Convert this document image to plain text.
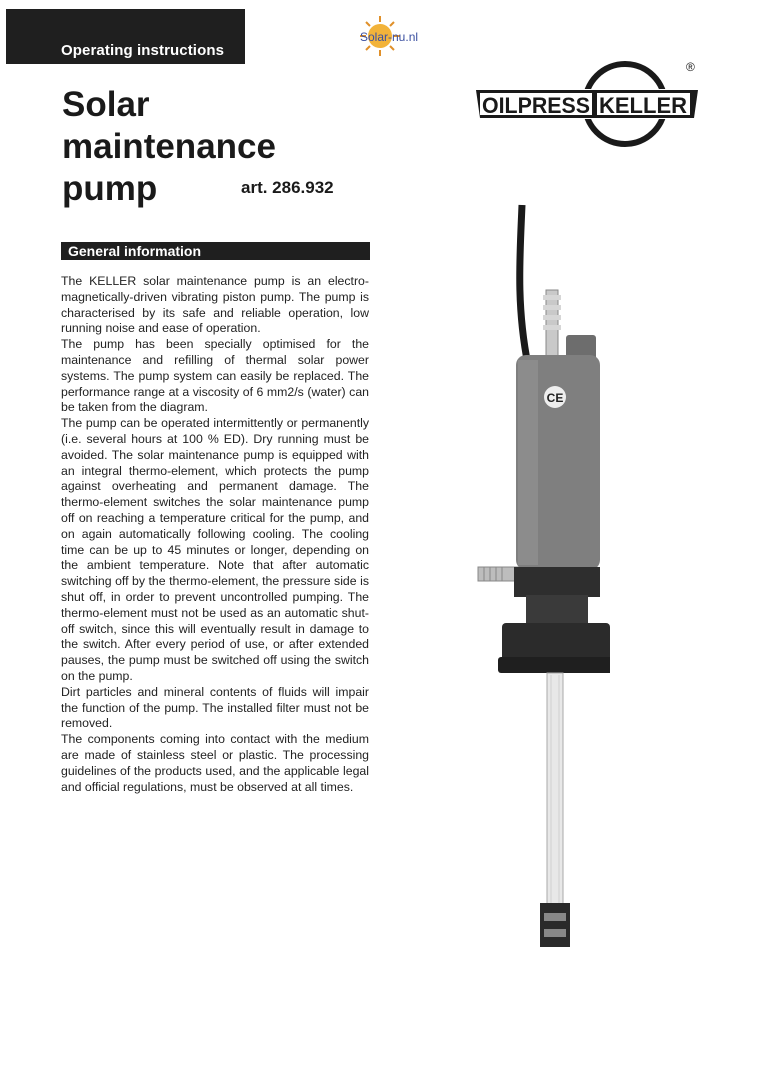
Operating instructions
Solar-nu.nl
Solar
maintenance
pump	art. 286.932
OILPRESS KELLER
®
General information

The KELLER solar maintenance pump is an electro-magnetically-driven vibrating piston pump. The pump is characterised by its safe and reliable operation, low running noise and ease of operation.

The pump has been specially optimised for the maintenance and refilling of thermal solar power systems. The pump system can easily be replaced. The performance range at a viscosity of 6 mm2/s (water) can be taken from the diagram.

The pump can be operated intermittently or permanently (i.e. several hours at 100 % ED). Dry running must be avoided. The solar maintenance pump is equipped with an integral thermo-element, which protects the pump against overheating and permanent damage. The thermo-element switches the solar maintenance pump off on reaching a temperature critical for the pump, and on again automatically following cooling. The cooling time can be up to 45 minutes or longer, depending on the ambient temperature. Note that after automatic switching off by the thermo-element, the pressure side is shut off, in order to prevent uncontrolled pumping. The thermo-element must not be used as an automatic shut-off switch, since this will eventually result in damage to the switch. After every period of use, or after extended pauses, the pump must be switched off using the switch on the pump.

Dirt particles and mineral contents of fluids will impair the function of the pump. The installed filter must not be removed.

The components coming into contact with the medium are made of stainless steel or plastic. The processing guidelines of the products used, and the applicable legal and official regulations, must be observed at all times.

CE
